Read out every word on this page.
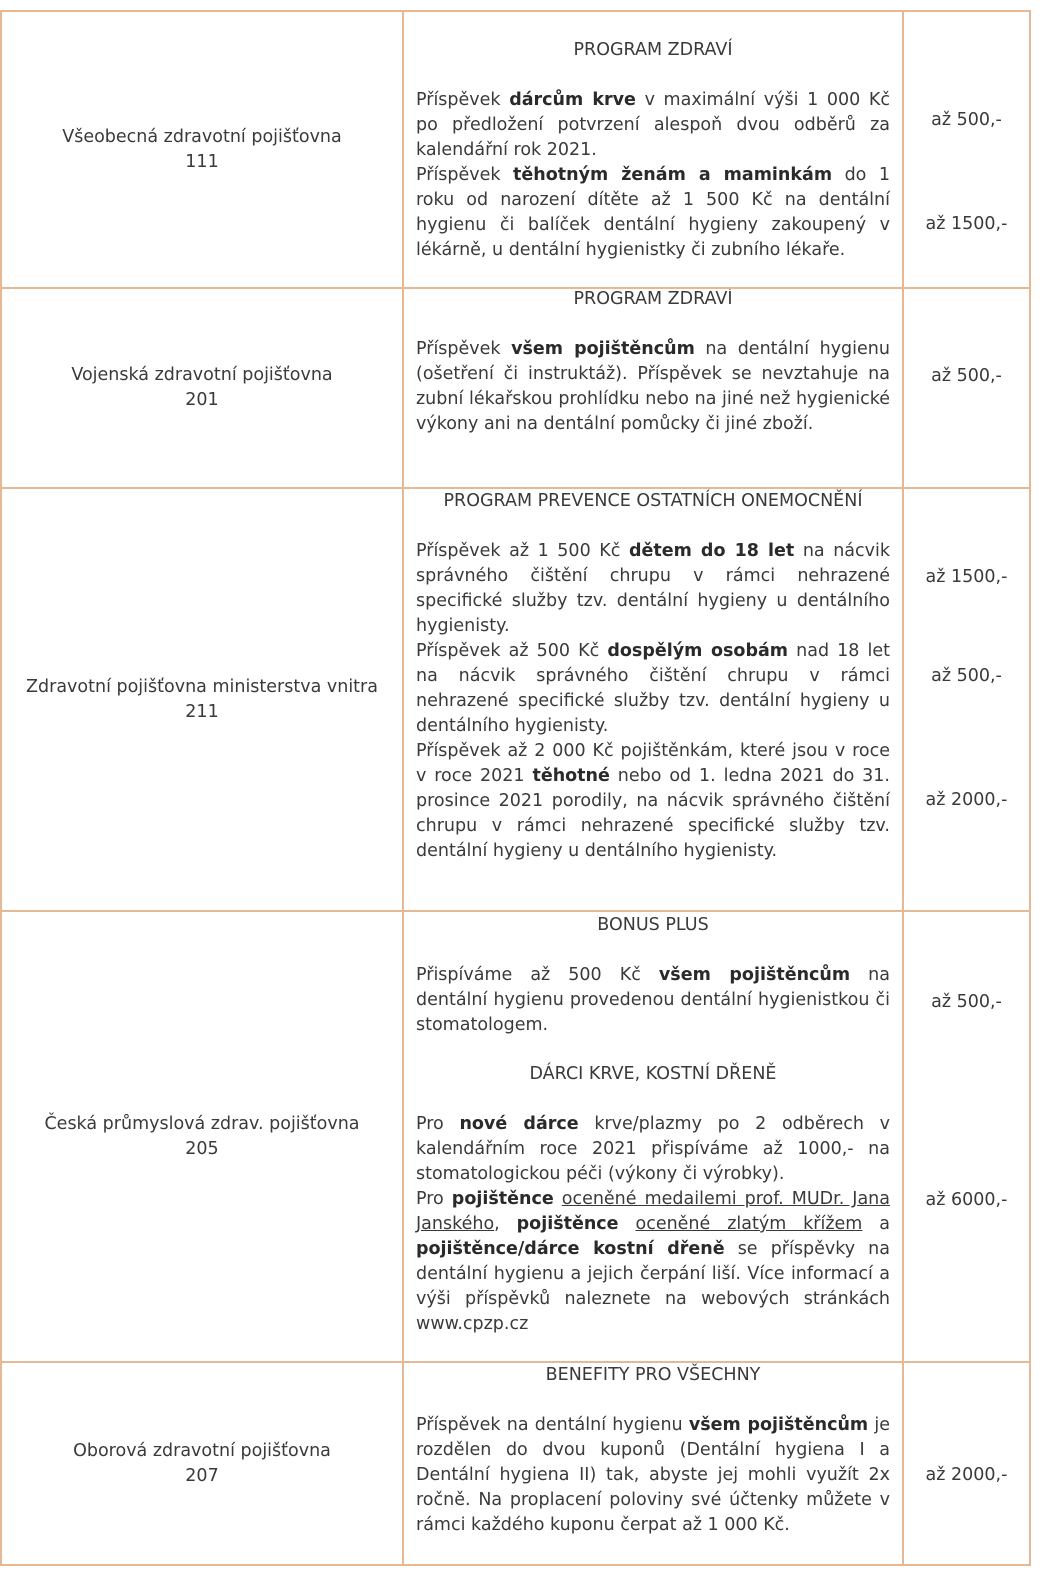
Všeobecná zdravotní pojišťovna
111
PROGRAM ZDRAVÍ

Příspěvek dárcům krve v maximální výši 1 000 Kč po předložení potvrzení alespoň dvou odběrů za kalendářní rok 2021.

Příspěvek těhotným ženám a maminkám do 1 roku od narození dítěte až 1 500 Kč na dentální hygienu či balíček dentální hygieny zakoupený v lékárně, u dentální hygienistky či zubního lékaře.

až 500,-
až 1500,-
Vojenská zdravotní pojišťovna
201
PROGRAM ZDRAVÍ

Příspěvek všem pojištěncům na dentální hygienu (ošetření či instruktáž). Příspěvek se nevztahuje na zubní lékařskou prohlídku nebo na jiné než hygienické výkony ani na dentální pomůcky či jiné zboží.

až 500,-
Zdravotní pojišťovna ministerstva vnitra
211
PROGRAM PREVENCE OSTATNÍCH ONEMOCNĚNÍ

Příspěvek až 1 500 Kč dětem do 18 let na nácvik správného čištění chrupu v rámci nehrazené specifické služby tzv. dentální hygieny u dentálního hygienisty.

Příspěvek až 500 Kč dospělým osobám nad 18 let na nácvik správného čištění chrupu v rámci nehrazené specifické služby tzv. dentální hygieny u dentálního hygienisty.

Příspěvek až 2 000 Kč pojištěnkám, které jsou v roce v roce 2021 těhotné nebo od 1. ledna 2021 do 31. prosince 2021 porodily, na nácvik správného čištění chrupu v rámci nehrazené specifické služby tzv. dentální hygieny u dentálního hygienisty.

až 1500,-
až 500,-
až 2000,-
Česká průmyslová zdrav. pojišťovna
205
BONUS PLUS

Přispíváme až 500 Kč všem pojištěncům na dentální hygienu provedenou dentální hygienistkou či stomatologem.

DÁRCI KRVE, KOSTNÍ DŘENĚ

Pro nové dárce krve/plazmy po 2 odběrech v kalendářním roce 2021 přispíváme až 1000,- na stomatologickou péči (výkony či výrobky).

Pro pojištěnce oceněné medailemi prof. MUDr. Jana Janského, pojištěnce oceněné zlatým křížem a pojištěnce/dárce kostní dřeně se příspěvky na dentální hygienu a jejich čerpání liší. Více informací a výši příspěvků naleznete na webových stránkách www.cpzp.cz

až 500,-
až 6000,-
Oborová zdravotní pojišťovna
207
BENEFITY PRO VŠECHNY

Příspěvek na dentální hygienu všem pojištěncům je rozdělen do dvou kuponů (Dentální hygiena I a Dentální hygiena II) tak, abyste jej mohli využít 2x ročně. Na proplacení poloviny své účtenky můžete v rámci každého kuponu čerpat až 1 000 Kč.

až 2000,-
